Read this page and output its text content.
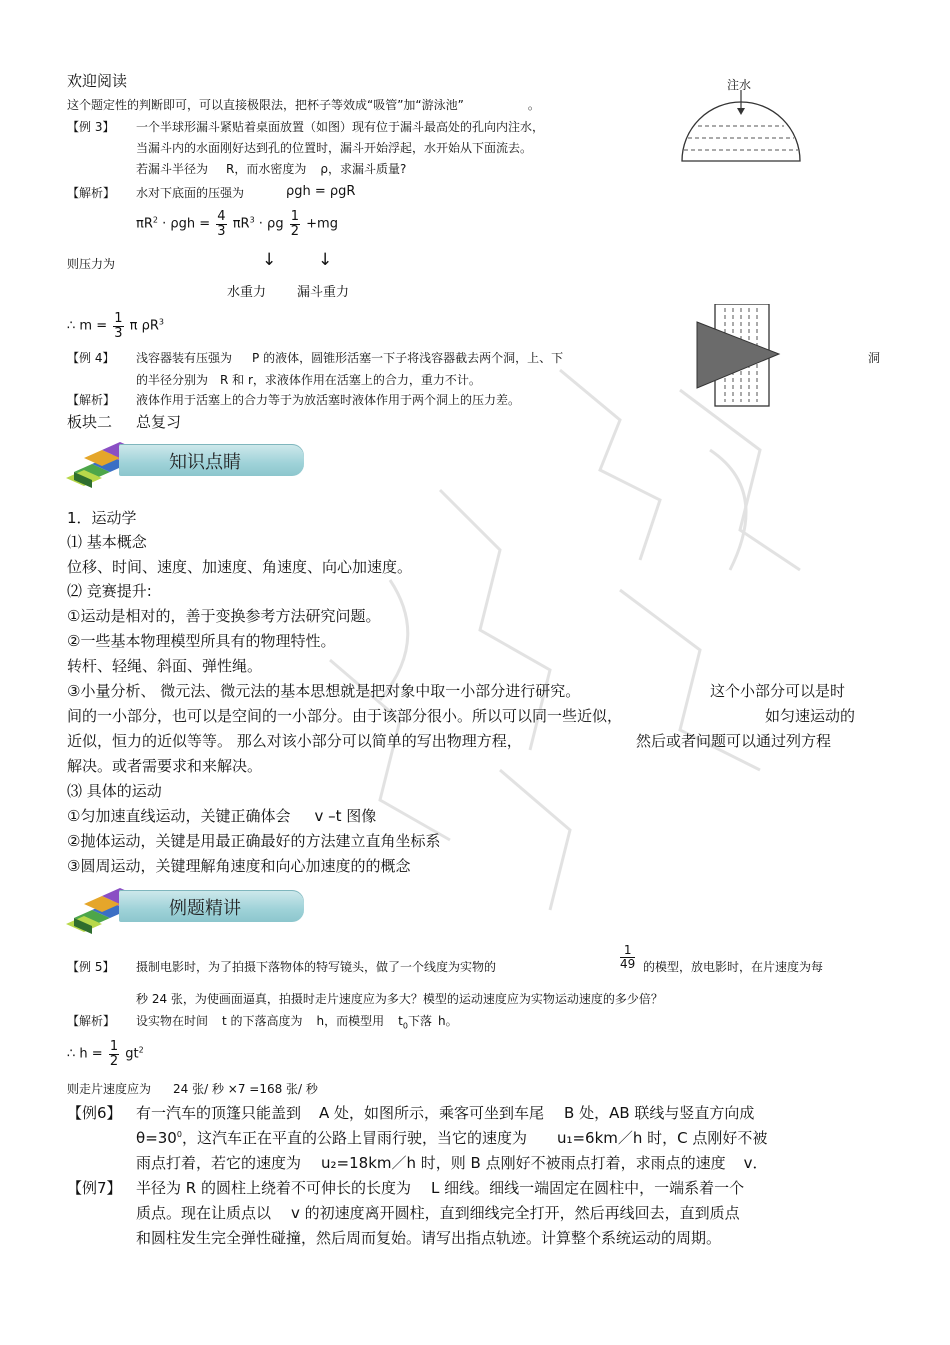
欢迎阅读
这个题定性的判断即可，可以直接极限法，把杯子等效成“吸管”加“游泳池”	。
【例 3】 一个半球形漏斗紧贴着桌面放置（如图）现有位于漏斗最高处的孔向内注水，
当漏斗内的水面刚好达到孔的位置时，漏斗开始浮起，水开始从下面流去。
若漏斗半径为 R，而水密度为 ρ，求漏斗质量?
注水
【解析】 水对下底面的压强为	ρgh = ρgR
$\pi R^2 \cdot \rho gh = \frac{4}{3} \pi R^3 \cdot \rho g \frac{1}{2} +mg$
则压力为	↓ ↓
水重力 漏斗重力
∴ $m = \frac{1}{3}$ π $\rho R^3$
【例 4】 浅容器装有压强为 P 的液体，圆锥形活塞一下子将浅容器截去两个洞，上、下	洞
的半径分别为　R 和 r，求液体作用在活塞上的合力，重力不计。
【解析】 液体作用于活塞上的合力等于为放活塞时液体作用于两个洞上的压力差。
板块二 总复习
知识点睛
1．运动学
⑴ 基本概念
位移、时间、速度、加速度、角速度、向心加速度。
⑵ 竞赛提升:
①运动是相对的，善于变换参考方法研究问题。
②一些基本物理模型所具有的物理特性。
转杆、轻绳、斜面、弹性绳。
③小量分析、 微元法、微元法的基本思想就是把对象中取一小部分进行研究。	这个小部分可以是时
间的一小部分，也可以是空间的一小部分。由于该部分很小。所以可以同一些近似，	如匀速运动的
近似，恒力的近似等等。 那么对该小部分可以简单的写出物理方程，	然后或者问题可以通过列方程
解决。或者需要求和来解决。
⑶ 具体的运动
①匀加速直线运动，关键正确体会 v –t 图像
②抛体运动，关键是用最正确最好的方法建立直角坐标系
③圆周运动，关键理解角速度和向心加速度的的概念
例题精讲
【例 5】 摄制电影时，为了拍摄下落物体的特写镜头，做了一个线度为实物的	$\frac{1}{49}$ 的模型，放电影时，在片速度为每
秒 24 张，为使画面逼真，拍摄时走片速度应为多大？模型的运动速度应为实物运动速度的多少倍？
【解析】 设实物在时间 t 的下落高度为 h，而模型用 $t_0$下落 h。
∴ $h = \frac{1}{2} gt^2$
则走片速度应为 24 张/ 秒 ×7 =168 张/ 秒
【例6】 有一汽车的顶篷只能盖到 A 处，如图所示，乘客可坐到车尾 B 处，AB 联线与竖直方向成
$\theta=30^0$，这汽车正在平直的公路上冒雨行驶，当它的速度为 u₁=6km／h 时，C 点刚好不被
雨点打着，若它的速度为 u₂=18km／h 时，则 B 点刚好不被雨点打着，求雨点的速度 v．
【例7】 半径为 R 的圆柱上绕着不可伸长的长度为 L 细线。细线一端固定在圆柱中，一端系着一个
质点。现在让质点以 v 的初速度离开圆柱，直到细线完全打开，然后再线回去，直到质点
和圆柱发生完全弹性碰撞，然后周而复始。请写出指点轨迹。计算整个系统运动的周期。
